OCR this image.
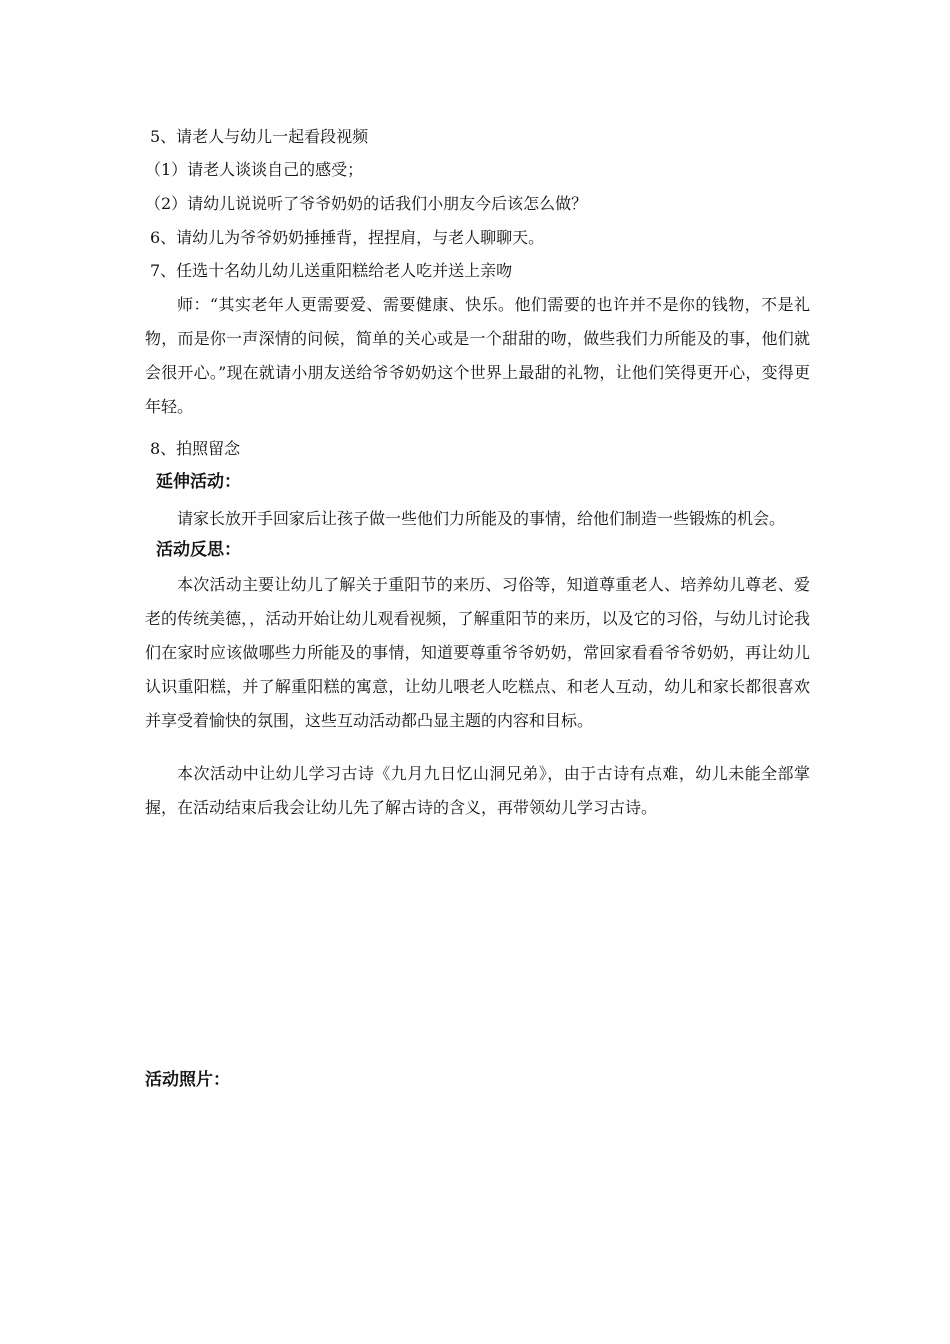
5、请老人与幼儿一起看段视频
（1）请老人谈谈自己的感受；
（2）请幼儿说说听了爷爷奶奶的话我们小朋友今后该怎么做？
6、请幼儿为爷爷奶奶捶捶背，捏捏肩，与老人聊聊天。
7、任选十名幼儿幼儿送重阳糕给老人吃并送上亲吻
师：“其实老年人更需要爱、需要健康、快乐。他们需要的也许并不是你的钱物，不是礼物，而是你一声深情的问候，简单的关心或是一个甜甜的吻，做些我们力所能及的事，他们就会很开心。”现在就请小朋友送给爷爷奶奶这个世界上最甜的礼物，让他们笑得更开心，变得更年轻。
8、拍照留念
延伸活动：
请家长放开手回家后让孩子做一些他们力所能及的事情，给他们制造一些锻炼的机会。
活动反思：
本次活动主要让幼儿了解关于重阳节的来历、习俗等，知道尊重老人、培养幼儿尊老、爱老的传统美德，，活动开始让幼儿观看视频，了解重阳节的来历，以及它的习俗，与幼儿讨论我们在家时应该做哪些力所能及的事情，知道要尊重爷爷奶奶，常回家看看爷爷奶奶，再让幼儿认识重阳糕，并了解重阳糕的寓意，让幼儿喂老人吃糕点、和老人互动，幼儿和家长都很喜欢并享受着愉快的氛围，这些互动活动都凸显主题的内容和目标。
本次活动中让幼儿学习古诗《九月九日忆山洞兄弟》，由于古诗有点难，幼儿未能全部掌握，在活动结束后我会让幼儿先了解古诗的含义，再带领幼儿学习古诗。
活动照片：
